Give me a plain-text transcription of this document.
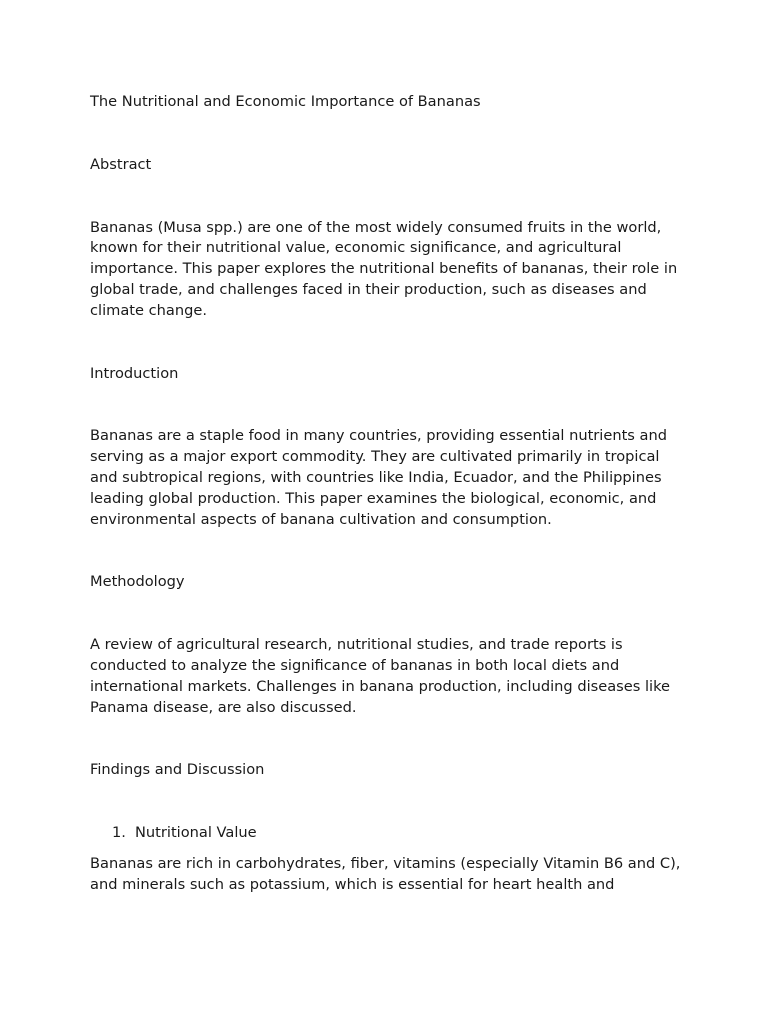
The Nutritional and Economic Importance of Bananas

Abstract

Bananas (Musa spp.) are one of the most widely consumed fruits in the world, known for their nutritional value, economic significance, and agricultural importance. This paper explores the nutritional benefits of bananas, their role in global trade, and challenges faced in their production, such as diseases and climate change.

Introduction

Bananas are a staple food in many countries, providing essential nutrients and serving as a major export commodity. They are cultivated primarily in tropical and subtropical regions, with countries like India, Ecuador, and the Philippines leading global production. This paper examines the biological, economic, and environmental aspects of banana cultivation and consumption.

Methodology

A review of agricultural research, nutritional studies, and trade reports is conducted to analyze the significance of bananas in both local diets and international markets. Challenges in banana production, including diseases like Panama disease, are also discussed.

Findings and Discussion

1. Nutritional Value

Bananas are rich in carbohydrates, fiber, vitamins (especially Vitamin B6 and C), and minerals such as potassium, which is essential for heart health and
